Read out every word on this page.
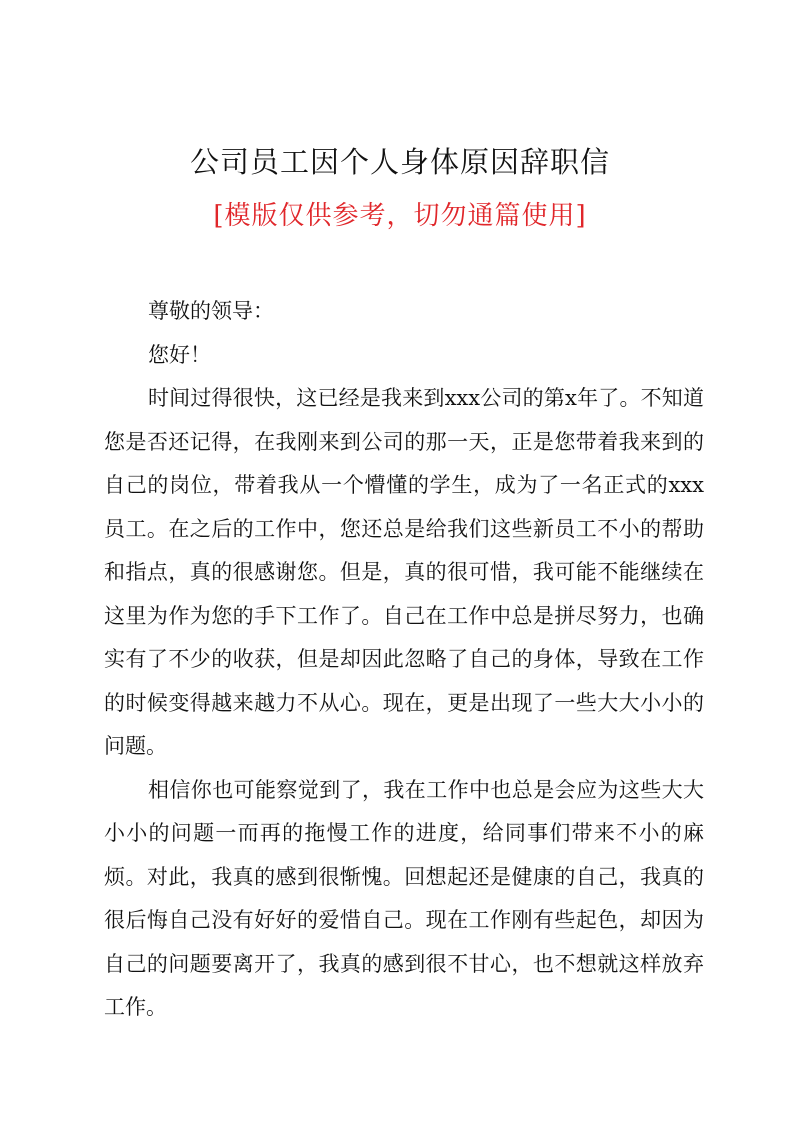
公司员工因个人身体原因辞职信
[模版仅供参考，切勿通篇使用]

尊敬的领导：

您好！

时间过得很快，这已经是我来到xxx公司的第x年了。不知道您是否还记得，在我刚来到公司的那一天，正是您带着我来到的自己的岗位，带着我从一个懵懂的学生，成为了一名正式的xxx员工。在之后的工作中，您还总是给我们这些新员工不小的帮助和指点，真的很感谢您。但是，真的很可惜，我可能不能继续在这里为作为您的手下工作了。自己在工作中总是拼尽努力，也确实有了不少的收获，但是却因此忽略了自己的身体，导致在工作的时候变得越来越力不从心。现在，更是出现了一些大大小小的问题。

相信你也可能察觉到了，我在工作中也总是会应为这些大大小小的问题一而再的拖慢工作的进度，给同事们带来不小的麻烦。对此，我真的感到很惭愧。回想起还是健康的自己，我真的很后悔自己没有好好的爱惜自己。现在工作刚有些起色，却因为自己的问题要离开了，我真的感到很不甘心，也不想就这样放弃工作。
